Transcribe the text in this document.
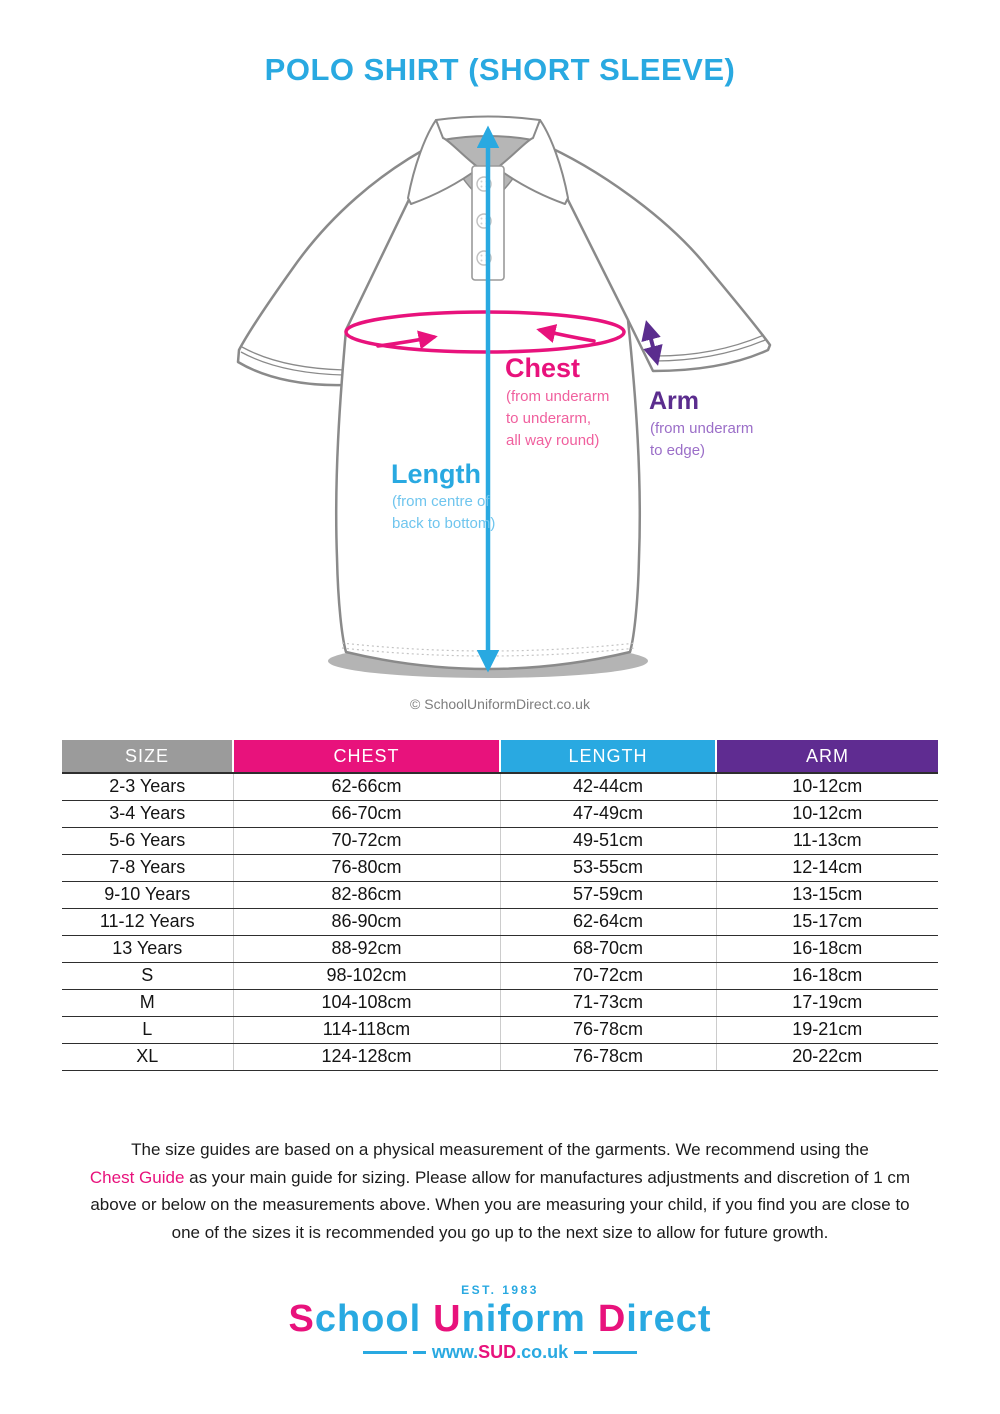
POLO SHIRT (SHORT SLEEVE)
Chest
(from underarm
to underarm,
all way round)
Arm
(from underarm
to edge)
Length
(from centre of
back to bottom)
© SchoolUniformDirect.co.uk
SIZE	CHEST	LENGTH	ARM
2-3 Years	62-66cm	42-44cm	10-12cm
3-4 Years	66-70cm	47-49cm	10-12cm
5-6 Years	70-72cm	49-51cm	11-13cm
7-8 Years	76-80cm	53-55cm	12-14cm
9-10 Years	82-86cm	57-59cm	13-15cm
11-12 Years	86-90cm	62-64cm	15-17cm
13 Years	88-92cm	68-70cm	16-18cm
S	98-102cm	70-72cm	16-18cm
M	104-108cm	71-73cm	17-19cm
L	114-118cm	76-78cm	19-21cm
XL	124-128cm	76-78cm	20-22cm

The size guides are based on a physical measurement of the garments. We recommend using the
Chest Guide as your main guide for sizing. Please allow for manufactures adjustments and discretion of 1 cm
above or below on the measurements above. When you are measuring your child, if you find you are close to
one of the sizes it is recommended you go up to the next size to allow for future growth.

EST. 1983
School Uniform Direct
www.SUD.co.uk
